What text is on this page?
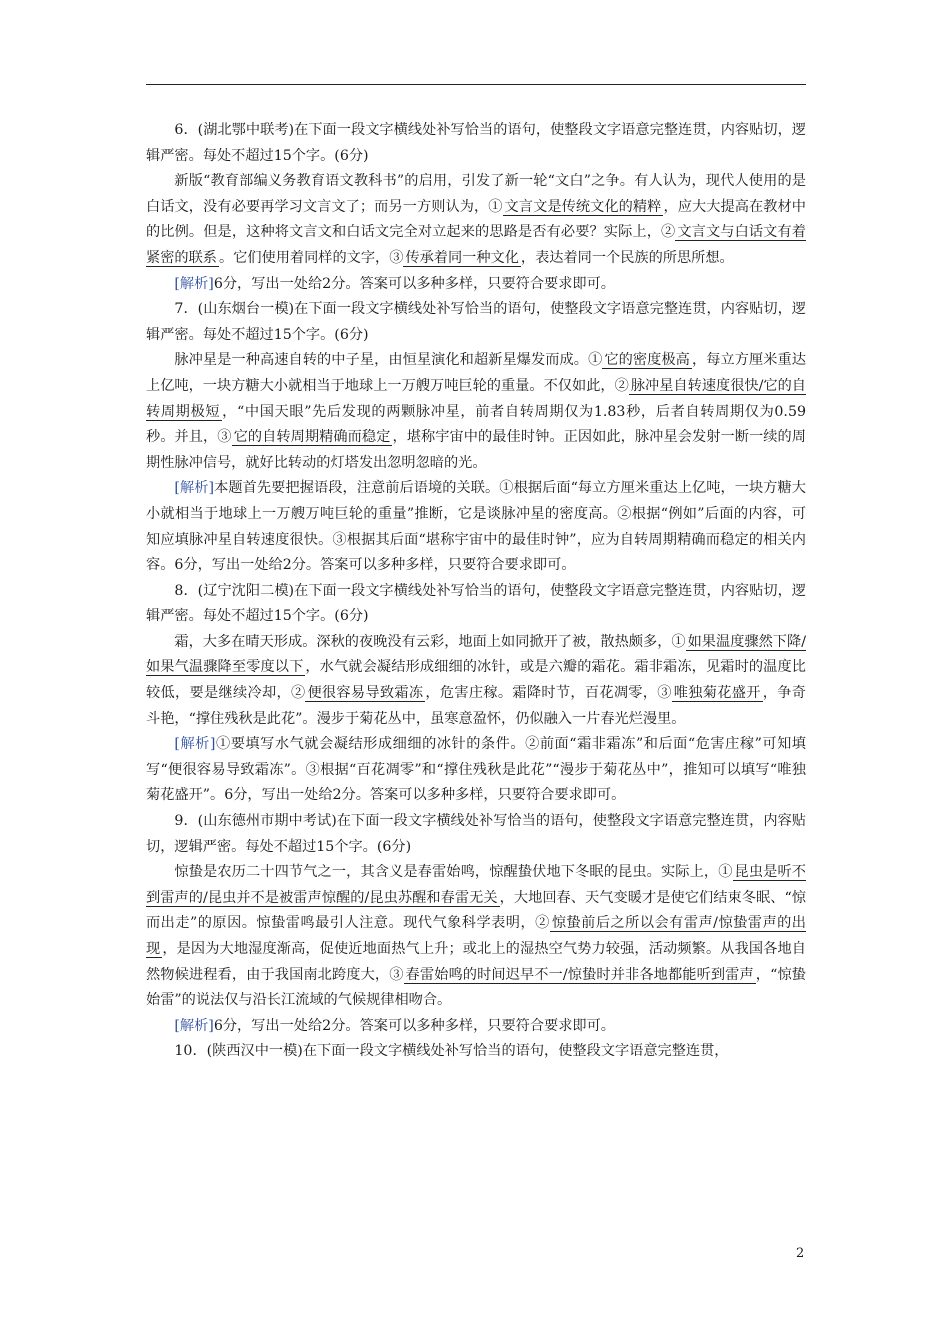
6．(湖北鄂中联考)在下面一段文字横线处补写恰当的语句，使整段文字语意完整连贯，内容贴切，逻辑严密。每处不超过15个字。(6分)

新版“教育部编义务教育语文教科书”的启用，引发了新一轮“文白”之争。有人认为，现代人使用的是白话文，没有必要再学习文言文了；而另一方则认为，① 文言文是传统文化的精粹 ，应大大提高在教材中的比例。但是，这种将文言文和白话文完全对立起来的思路是否有必要？实际上，② 文言文与白话文有着紧密的联系 。它们使用着同样的文字，③ 传承着同一种文化 ，表达着同一个民族的所思所想。

[解析]6分，写出一处给2分。答案可以多种多样，只要符合要求即可。

7．(山东烟台一模)在下面一段文字横线处补写恰当的语句，使整段文字语意完整连贯，内容贴切，逻辑严密。每处不超过15个字。(6分)

脉冲星是一种高速自转的中子星，由恒星演化和超新星爆发而成。① 它的密度极高 ，每立方厘米重达上亿吨，一块方糖大小就相当于地球上一万艘万吨巨轮的重量。不仅如此，② 脉冲星自转速度很快/它的自转周期极短 ，“中国天眼”先后发现的两颗脉冲星，前者自转周期仅为1.83秒，后者自转周期仅为0.59秒。并且，③ 它的自转周期精确而稳定 ，堪称宇宙中的最佳时钟。正因如此，脉冲星会发射一断一续的周期性脉冲信号，就好比转动的灯塔发出忽明忽暗的光。

[解析]本题首先要把握语段，注意前后语境的关联。①根据后面“每立方厘米重达上亿吨，一块方糖大小就相当于地球上一万艘万吨巨轮的重量”推断，它是谈脉冲星的密度高。②根据“例如”后面的内容，可知应填脉冲星自转速度很快。③根据其后面“堪称宇宙中的最佳时钟”，应为自转周期精确而稳定的相关内容。6分，写出一处给2分。答案可以多种多样，只要符合要求即可。

8．(辽宁沈阳二模)在下面一段文字横线处补写恰当的语句，使整段文字语意完整连贯，内容贴切，逻辑严密。每处不超过15个字。(6分)

霜，大多在晴天形成。深秋的夜晚没有云彩，地面上如同掀开了被，散热颇多，① 如果温度骤然下降/如果气温骤降至零度以下 ，水气就会凝结形成细细的冰针，或是六瓣的霜花。霜非霜冻，见霜时的温度比较低，要是继续冷却，② 便很容易导致霜冻 ，危害庄稼。霜降时节，百花凋零，③ 唯独菊花盛开 ，争奇斗艳，“撑住残秋是此花”。漫步于菊花丛中，虽寒意盈怀，仍似融入一片春光烂漫里。

[解析]①要填写水气就会凝结形成细细的冰针的条件。②前面“霜非霜冻”和后面“危害庄稼”可知填写“便很容易导致霜冻”。③根据“百花凋零”和“撑住残秋是此花”“漫步于菊花丛中”，推知可以填写“唯独菊花盛开”。6分，写出一处给2分。答案可以多种多样，只要符合要求即可。

9．(山东德州市期中考试)在下面一段文字横线处补写恰当的语句，使整段文字语意完整连贯，内容贴切，逻辑严密。每处不超过15个字。(6分)

惊蛰是农历二十四节气之一，其含义是春雷始鸣，惊醒蛰伏地下冬眠的昆虫。实际上，① 昆虫是听不到雷声的/昆虫并不是被雷声惊醒的/昆虫苏醒和春雷无关 ，大地回春、天气变暖才是使它们结束冬眠、“惊而出走”的原因。惊蛰雷鸣最引人注意。现代气象科学表明，② 惊蛰前后之所以会有雷声/惊蛰雷声的出现 ，是因为大地湿度渐高，促使近地面热气上升；或北上的湿热空气势力较强，活动频繁。从我国各地自然物候进程看，由于我国南北跨度大，③ 春雷始鸣的时间迟早不一/惊蛰时并非各地都能听到雷声 ，“惊蛰始雷”的说法仅与沿长江流域的气候规律相吻合。

[解析]6分，写出一处给2分。答案可以多种多样，只要符合要求即可。

10．(陕西汉中一模)在下面一段文字横线处补写恰当的语句，使整段文字语意完整连贯，

2
